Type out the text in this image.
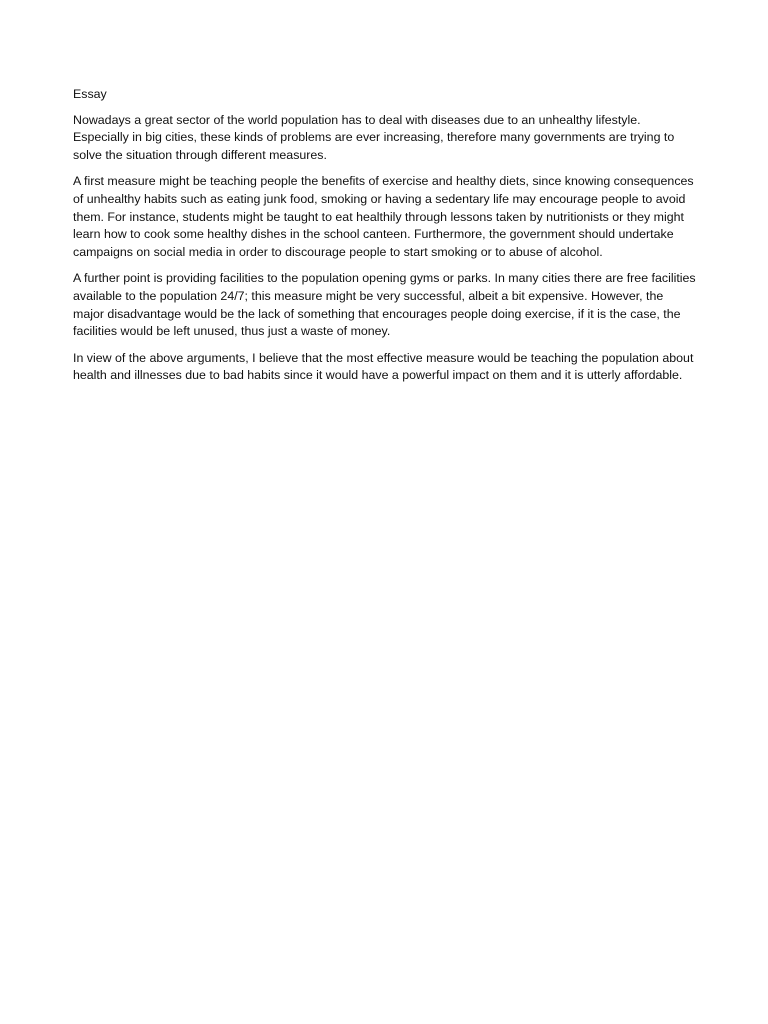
Essay

Nowadays a great sector of the world population has to deal with diseases due to an unhealthy lifestyle. Especially in big cities, these kinds of problems are ever increasing, therefore many governments are trying to solve the situation through different measures.

A first measure might be teaching people the benefits of exercise and healthy diets, since knowing consequences of unhealthy habits such as eating junk food, smoking or having a sedentary life may encourage people to avoid them. For instance, students might be taught to eat healthily through lessons taken by nutritionists or they might learn how to cook some healthy dishes in the school canteen. Furthermore, the government should undertake campaigns on social media in order to discourage people to start smoking or to abuse of alcohol.

A further point is providing facilities to the population opening gyms or parks. In many cities there are free facilities available to the population 24/7; this measure might be very successful, albeit a bit expensive. However, the major disadvantage would be the lack of something that encourages people doing exercise, if it is the case, the facilities would be left unused, thus just a waste of money.

In view of the above arguments, I believe that the most effective measure would be teaching the population about health and illnesses due to bad habits since it would have a powerful impact on them and it is utterly affordable.
